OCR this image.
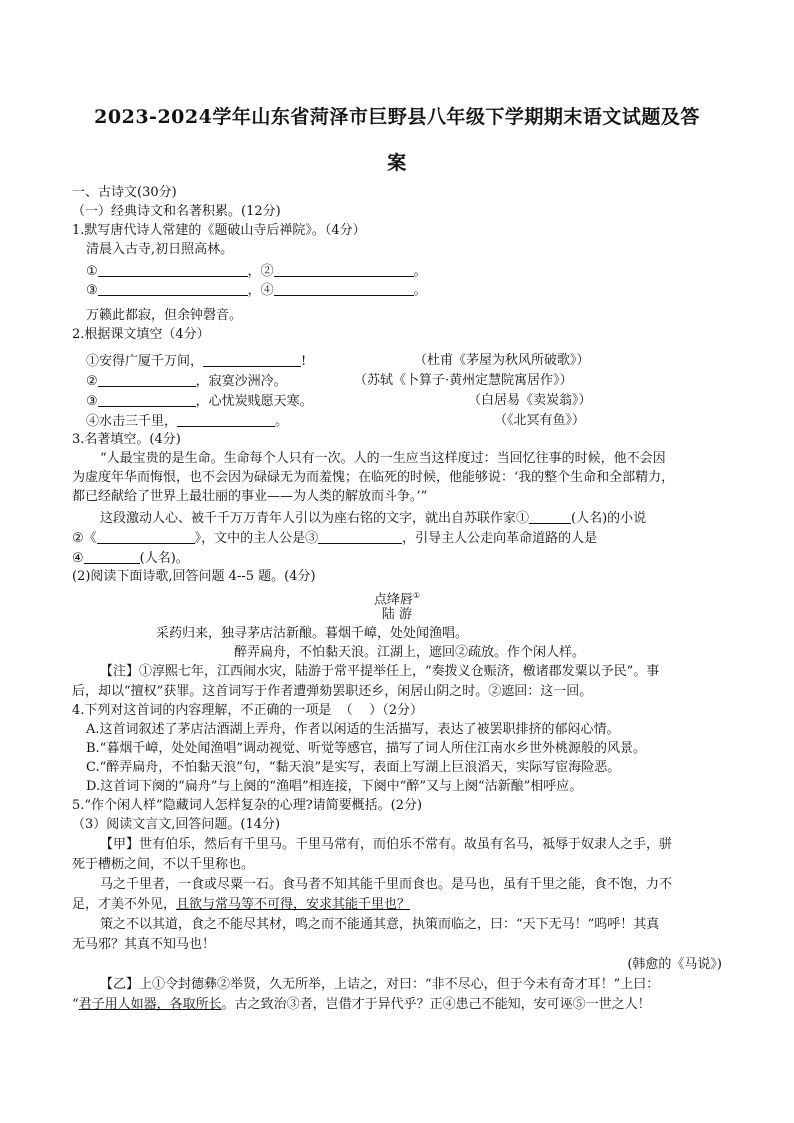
2023-2024学年山东省菏泽市巨野县八年级下学期期末语文试题及答
案
一、古诗文(30分)
（一）经典诗文和名著积累。(12分)
1.默写唐代诗人常建的《题破山寺后禅院》。（4分）
清晨入古寺,初日照高林。
①	，②	。
③	，④	。
万籁此都寂，但余钟磬音。
2.根据课文填空（4分）
①安得广厦千万间，	!	（杜甫《茅屋为秋风所破歌》）
②	，寂寞沙洲冷。	（苏轼《卜算子·黄州定慧院寓居作》）
③	，心忧炭贱愿天寒。	（白居易《卖炭翁》）
④水击三千里，	。	（《北冥有鱼》）
3.名著填空。(4分)
“人最宝贵的是生命。生命每个人只有一次。人的一生应当这样度过：当回忆往事的时候，他不会因
为虚度年华而悔恨，也不会因为碌碌无为而羞愧；在临死的时候，他能够说：‘我的整个生命和全部精力，
都已经献给了世界上最壮丽的事业——为人类的解放而斗争。’”
这段激动人心、被千千万万青年人引以为座右铭的文字，就出自苏联作家①	(人名)的小说
②《	》，文中的主人公是③	，引导主人公走向革命道路的人是
④	(人名)。
(2)阅读下面诗歌,回答问题 4--5 题。(4分)
点绛唇①
陆 游
采药归来，独寻茅店沽新酿。暮烟千嶂，处处闻渔唱。
醉弄扁舟，不怕黏天浪。江湖上，遮回②疏放。作个闲人样。
【注】①淳熙七年，江西闹水灾，陆游于常平提举任上，“奏拨义仓赈济，檄诸郡发粟以予民”。事
后，却以“擅权”获罪。这首词写于作者遭弹劾罢职还乡，闲居山阴之时。②遮回：这一回。
4.下列对这首词的内容理解，不正确的一项是  （    ）（2分）
A.这首词叙述了茅店沽酒湖上弄舟，作者以闲适的生活描写，表达了被罢职排挤的郁闷心情。
B.“暮烟千嶂，处处闻渔唱”调动视觉、听觉等感官，描写了词人所住江南水乡世外桃源般的风景。
C.“醉弄扁舟，不怕黏天浪”句，“黏天浪”是实写，表面上写湖上巨浪滔天，实际写宦海险恶。
D.这首词下阕的“扁舟”与上阕的“渔唱”相连接，下阕中“醉”又与上阕“沽新酿”相呼应。
5.“作个闲人样”隐藏词人怎样复杂的心理?请简要概括。(2分)
（3）阅读文言文,回答问题。(14分)
【甲】世有伯乐，然后有千里马。千里马常有，而伯乐不常有。故虽有名马，祗辱于奴隶人之手，骈
死于槽枥之间，不以千里称也。
马之千里者，一食或尽粟一石。食马者不知其能千里而食也。是马也，虽有千里之能，食不饱，力不
足，才美不外见，且欲与常马等不可得，安求其能千里也？
策之不以其道，食之不能尽其材，鸣之而不能通其意，执策而临之，曰：“天下无马！”呜呼！其真
无马邪？其真不知马也！
(韩愈的《马说》)
【乙】上①令封德彝②举贤，久无所举，上诘之，对曰：“非不尽心，但于今未有奇才耳！”上曰：
“君子用人如器，各取所长。古之致治③者，岂借才于异代乎？正④患己不能知，安可诬⑤一世之人！
